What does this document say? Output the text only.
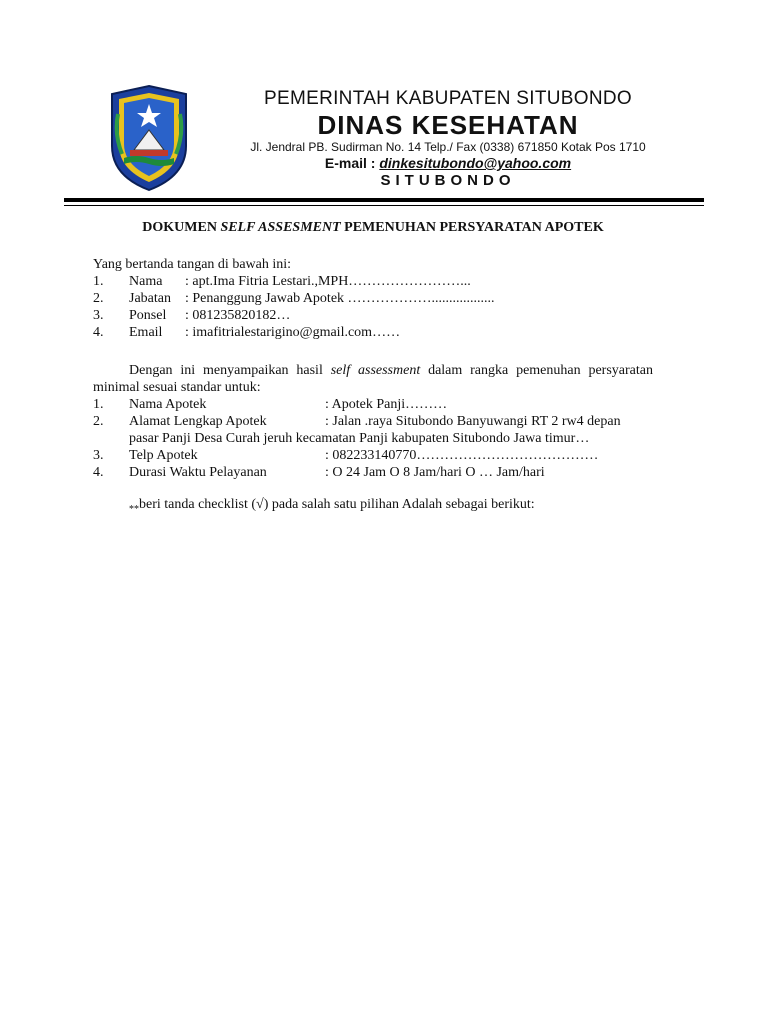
PEMERINTAH KABUPATEN SITUBONDO
DINAS KESEHATAN
Jl. Jendral PB. Sudirman No. 14 Telp./ Fax (0338) 671850 Kotak Pos 1710
E-mail : dinkesitubondo@yahoo.com
SITUBONDO
DOKUMEN SELF ASSESMENT PEMENUHAN PERSYARATAN APOTEK
Yang bertanda tangan di bawah ini:
1. Nama : apt.Ima Fitria Lestari.,MPH……………………...
2. Jabatan : Penanggung Jawab Apotek ………………..................
3. Ponsel : 081235820182…
4. Email : imafitrialestarigino@gmail.com……
Dengan ini menyampaikan hasil self assessment dalam rangka pemenuhan persyaratan minimal sesuai standar untuk:
1. Nama Apotek	: Apotek Panji………
2. Alamat Lengkap Apotek	: Jalan .raya Situbondo Banyuwangi RT 2 rw4 depan
pasar Panji Desa Curah jeruh kecamatan Panji kabupaten Situbondo Jawa timur…
3. Telp Apotek	: 082233140770…………………………………
4. Durasi Waktu Pelayanan	: O 24 Jam O 8 Jam/hari O … Jam/hari
$_{**}$beri tanda checklist (√) pada salah satu pilihan Adalah sebagai berikut:
